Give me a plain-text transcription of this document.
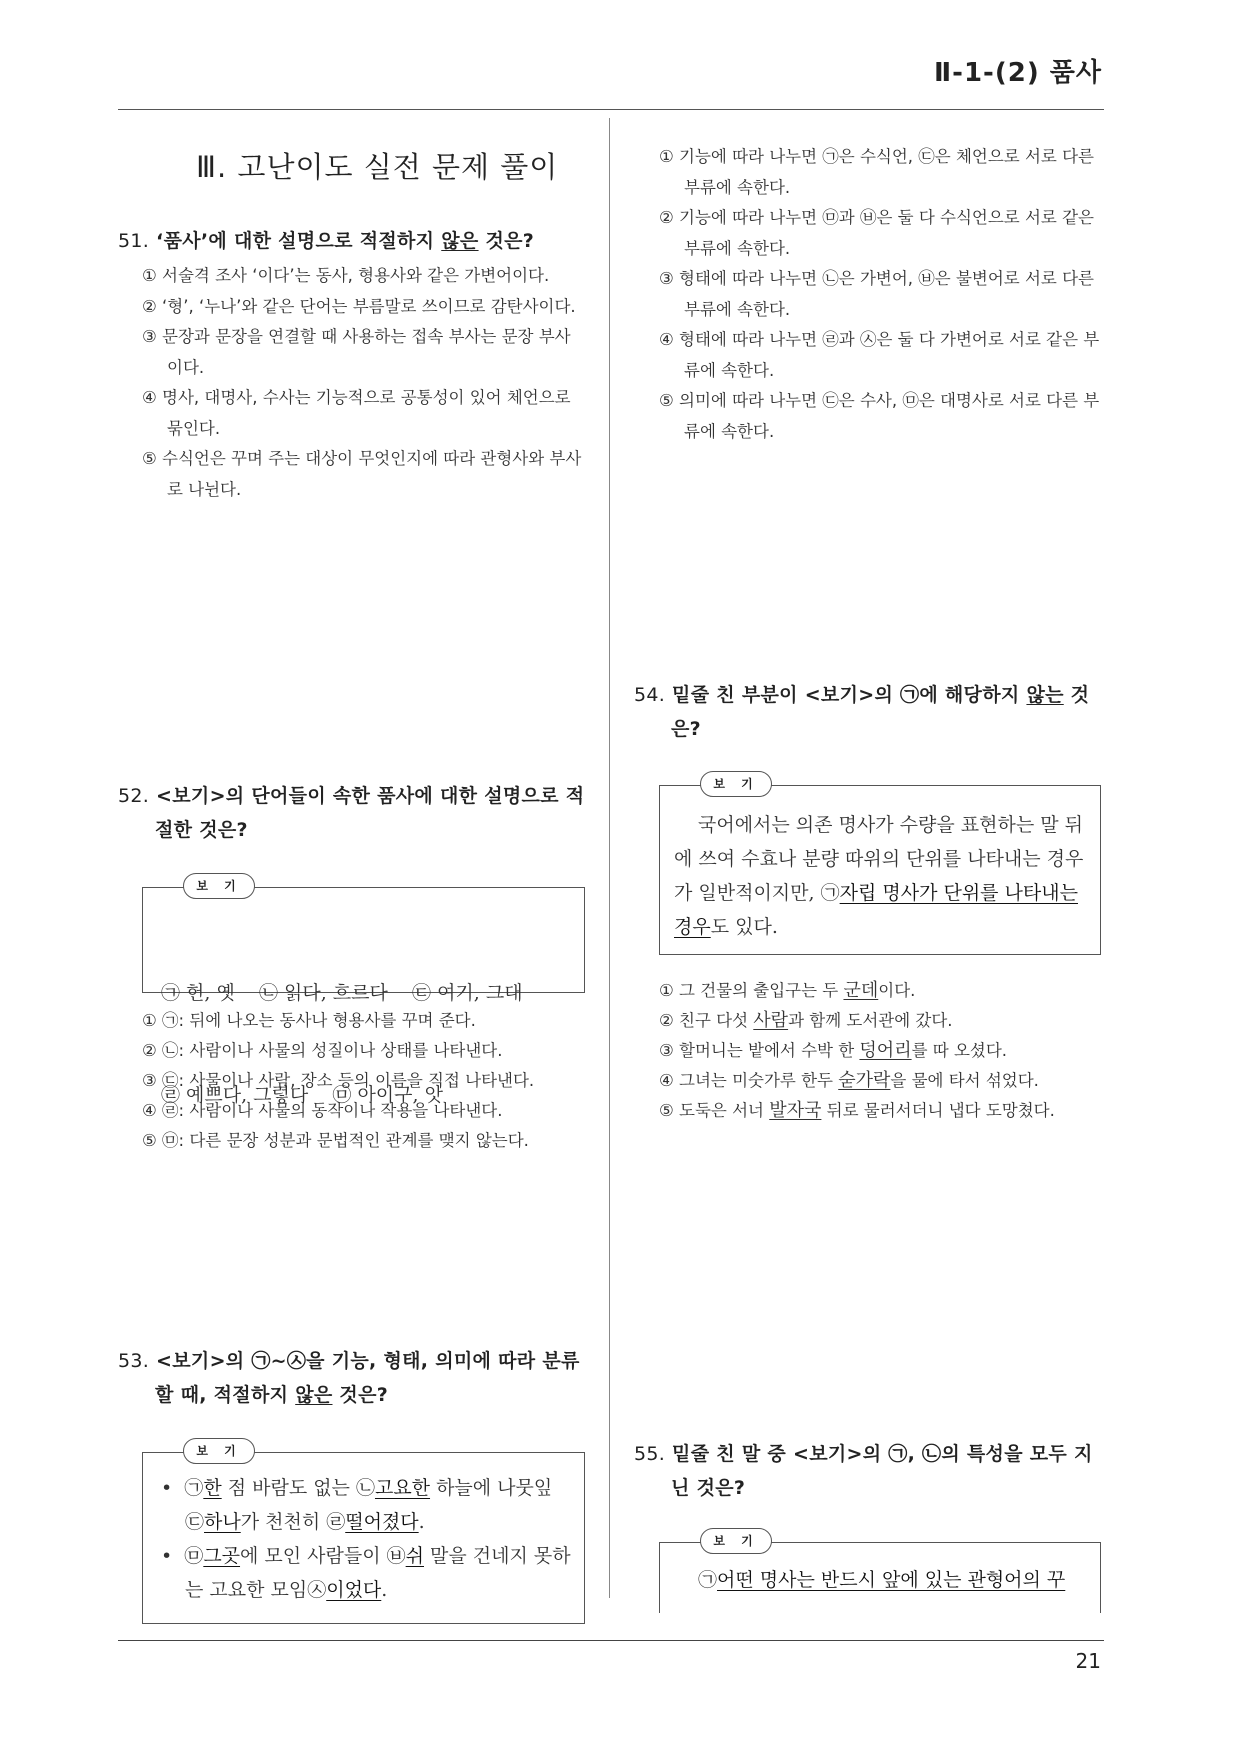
Ⅱ-1-(2) 품사
Ⅲ. 고난이도 실전 문제 풀이
51. ‘품사’에 대한 설명으로 적절하지 않은 것은?
① 서술격 조사 ‘이다’는 동사, 형용사와 같은 가변어이다.
② ‘형’, ‘누나’와 같은 단어는 부름말로 쓰이므로 감탄사이다.
③ 문장과 문장을 연결할 때 사용하는 접속 부사는 문장 부사이다.
④ 명사, 대명사, 수사는 기능적으로 공통성이 있어 체언으로 묶인다.
⑤ 수식언은 꾸며 주는 대상이 무엇인지에 따라 관형사와 부사로 나뉜다.
52. <보기>의 단어들이 속한 품사에 대한 설명으로 적절한 것은?
보 기

㉠ 헌, 옛    ㉡ 읽다, 흐르다    ㉢ 여기, 그대

㉣ 예쁘다, 그렇다    ㉤ 아이구, 앗

① ㉠: 뒤에 나오는 동사나 형용사를 꾸며 준다.
② ㉡: 사람이나 사물의 성질이나 상태를 나타낸다.
③ ㉢: 사물이나 사람, 장소 등의 이름을 직접 나타낸다.
④ ㉣: 사람이나 사물의 동작이나 작용을 나타낸다.
⑤ ㉤: 다른 문장 성분과 문법적인 관계를 맺지 않는다.
53. <보기>의 ㉠~㉦을 기능, 형태, 의미에 따라 분류할 때, 적절하지 않은 것은?
보 기
•  ㉠한 점 바람도 없는 ㉡고요한 하늘에 나뭇잎 ㉢하나가 천천히 ㉣떨어졌다.
•  ㉤그곳에 모인 사람들이 ㉥쉬 말을 건네지 못하는 고요한 모임㉦이었다.
① 기능에 따라 나누면 ㉠은 수식언, ㉢은 체언으로 서로 다른 부류에 속한다.
② 기능에 따라 나누면 ㉤과 ㉥은 둘 다 수식언으로 서로 같은 부류에 속한다.
③ 형태에 따라 나누면 ㉡은 가변어, ㉥은 불변어로 서로 다른 부류에 속한다.
④ 형태에 따라 나누면 ㉣과 ㉦은 둘 다 가변어로 서로 같은 부류에 속한다.
⑤ 의미에 따라 나누면 ㉢은 수사, ㉤은 대명사로 서로 다른 부류에 속한다.
54. 밑줄 친 부분이 <보기>의 ㉠에 해당하지 않는 것은?
보 기
국어에서는 의존 명사가 수량을 표현하는 말 뒤에 쓰여 수효나 분량 따위의 단위를 나타내는 경우가 일반적이지만, ㉠자립 명사가 단위를 나타내는 경우도 있다.
① 그 건물의 출입구는 두 군데이다.
② 친구 다섯 사람과 함께 도서관에 갔다.
③ 할머니는 밭에서 수박 한 덩어리를 따 오셨다.
④ 그녀는 미숫가루 한두 숟가락을 물에 타서 섞었다.
⑤ 도둑은 서너 발자국 뒤로 물러서더니 냅다 도망쳤다.
55. 밑줄 친 말 중 <보기>의 ㉠, ㉡의 특성을 모두 지닌 것은?
보 기
㉠어떤 명사는 반드시 앞에 있는 관형어의 꾸
21
